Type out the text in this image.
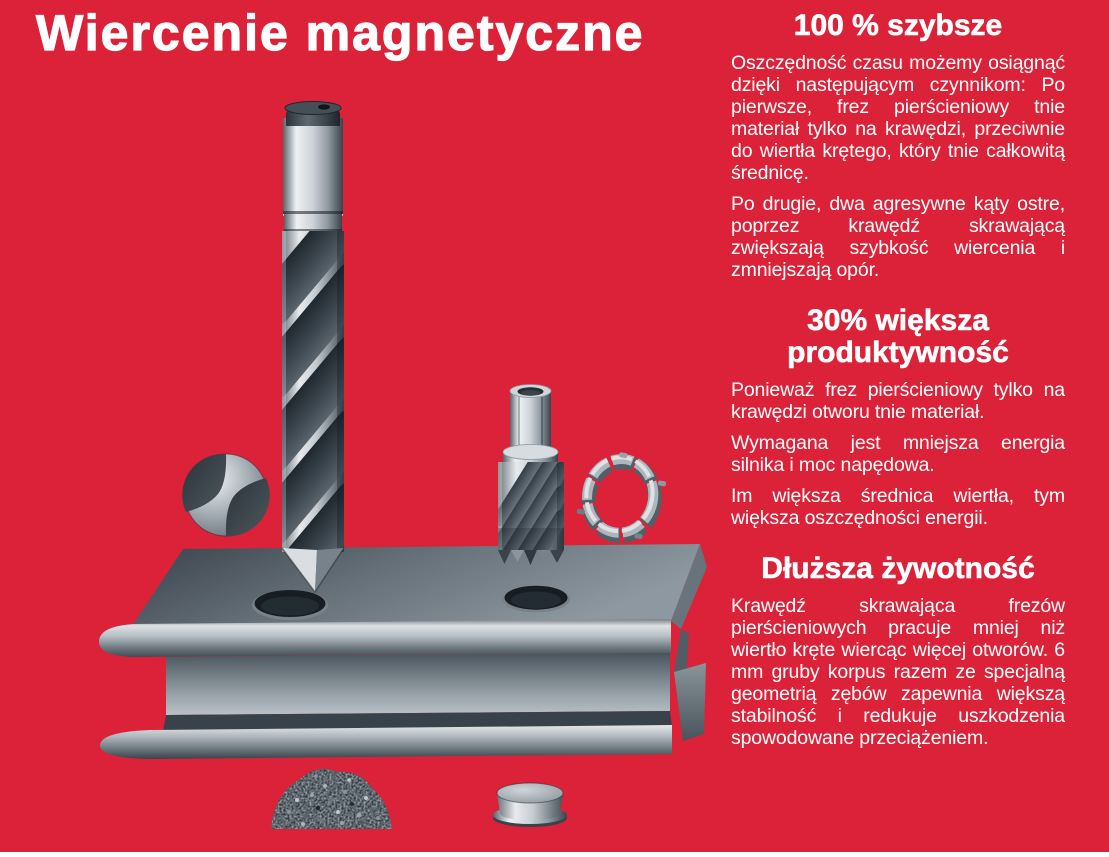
Wiercenie magnetyczne	100 % szybsze

Oszczędność czasu możemy osiągnąć dzięki następującym czynnikom: Po pierwsze, frez pierścieniowy tnie materiał tylko na krawędzi, przeciwnie do wiertła krętego, który tnie całkowitą średnicę.

Po drugie, dwa agresywne kąty ostre, poprzez krawędź skrawającą zwiększają szybkość wiercenia i zmniejszają opór.

30% większa produktywność

Ponieważ frez pierścieniowy tylko na krawędzi otworu tnie materiał.

Wymagana jest mniejsza energia silnika i moc napędowa.

Im większa średnica wiertła, tym większa oszczędności energii.

Dłuższa żywotność

Krawędź skrawająca frezów pierścieniowych pracuje mniej niż wiertło kręte wiercąc więcej otworów. 6 mm gruby korpus razem ze specjalną geometrią zębów zapewnia większą stabilność i redukuje uszkodzenia spowodowane przeciążeniem.
